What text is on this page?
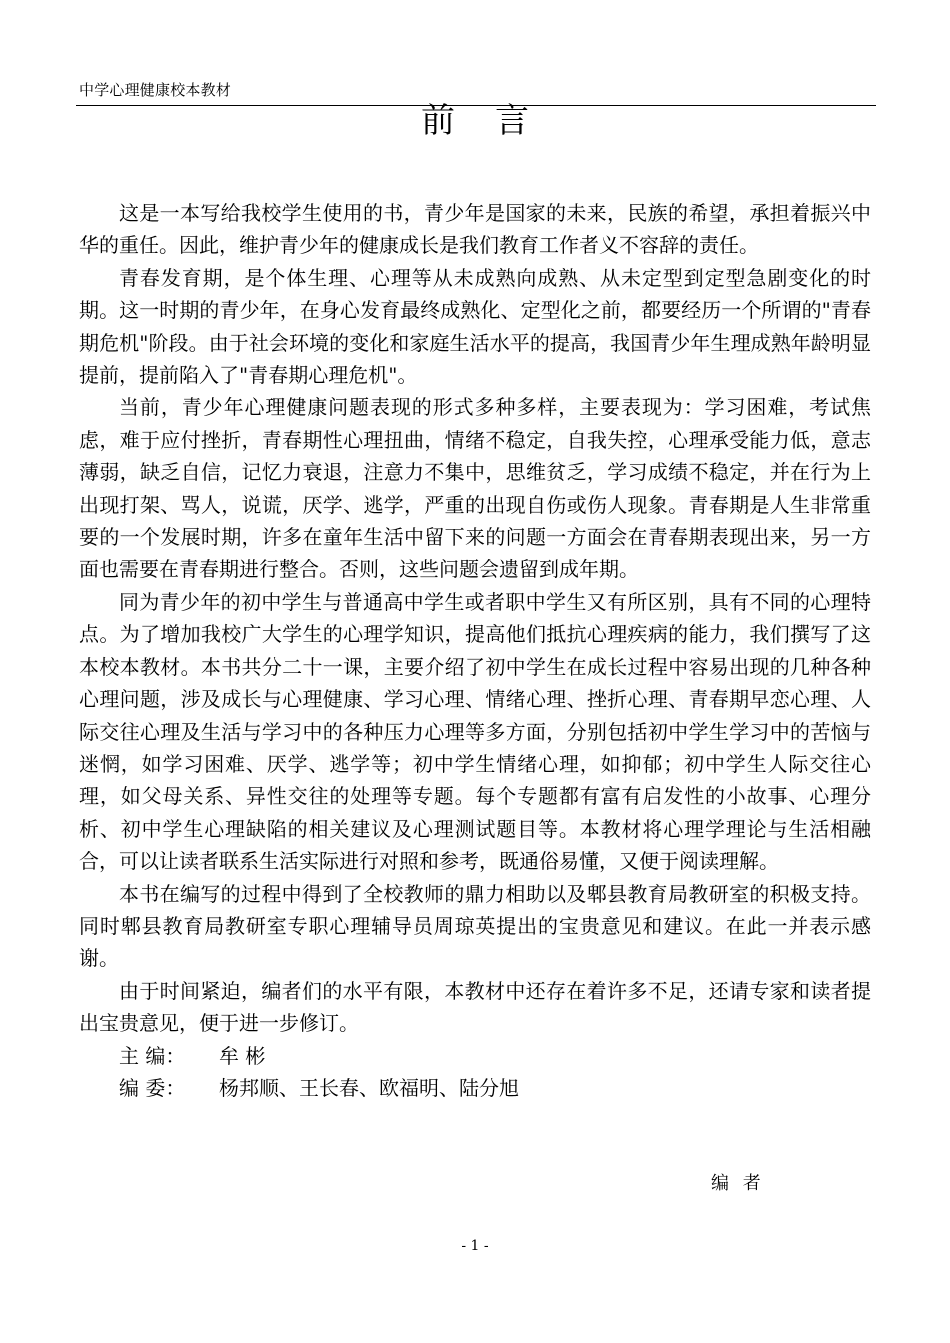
中学心理健康校本教材
前言

这是一本写给我校学生使用的书，青少年是国家的未来，民族的希望，承担着振兴中华的重任。因此，维护青少年的健康成长是我们教育工作者义不容辞的责任。

青春发育期，是个体生理、心理等从未成熟向成熟、从未定型到定型急剧变化的时期。这一时期的青少年，在身心发育最终成熟化、定型化之前，都要经历一个所谓的"青春期危机"阶段。由于社会环境的变化和家庭生活水平的提高，我国青少年生理成熟年龄明显提前，提前陷入了"青春期心理危机"。

当前，青少年心理健康问题表现的形式多种多样，主要表现为：学习困难，考试焦虑，难于应付挫折，青春期性心理扭曲，情绪不稳定，自我失控，心理承受能力低，意志薄弱，缺乏自信，记忆力衰退，注意力不集中，思维贫乏，学习成绩不稳定，并在行为上出现打架、骂人，说谎，厌学、逃学，严重的出现自伤或伤人现象。青春期是人生非常重要的一个发展时期，许多在童年生活中留下来的问题一方面会在青春期表现出来，另一方面也需要在青春期进行整合。否则，这些问题会遗留到成年期。

同为青少年的初中学生与普通高中学生或者职中学生又有所区别，具有不同的心理特点。为了增加我校广大学生的心理学知识，提高他们抵抗心理疾病的能力，我们撰写了这本校本教材。本书共分二十一课，主要介绍了初中学生在成长过程中容易出现的几种各种心理问题，涉及成长与心理健康、学习心理、情绪心理、挫折心理、青春期早恋心理、人际交往心理及生活与学习中的各种压力心理等多方面，分别包括初中学生学习中的苦恼与迷惘，如学习困难、厌学、逃学等；初中学生情绪心理，如抑郁；初中学生人际交往心理，如父母关系、异性交往的处理等专题。每个专题都有富有启发性的小故事、心理分析、初中学生心理缺陷的相关建议及心理测试题目等。本教材将心理学理论与生活相融合，可以让读者联系生活实际进行对照和参考，既通俗易懂，又便于阅读理解。

本书在编写的过程中得到了全校教师的鼎力相助以及郫县教育局教研室的积极支持。同时郫县教育局教研室专职心理辅导员周琼英提出的宝贵意见和建议。在此一并表示感谢。

由于时间紧迫，编者们的水平有限，本教材中还存在着许多不足，还请专家和读者提出宝贵意见，便于进一步修订。

主 编： 牟 彬
编 委： 杨邦顺、王长春、欧福明、陆分旭
编 者
- 1 -
